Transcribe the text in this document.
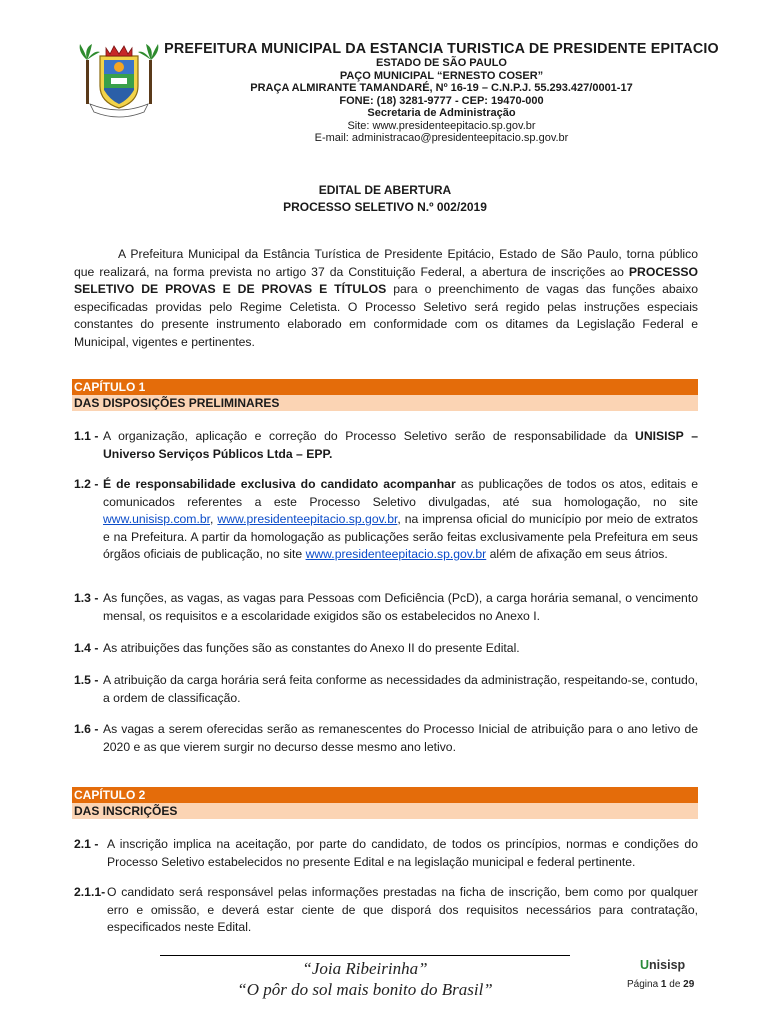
PREFEITURA MUNICIPAL DA ESTANCIA TURISTICA DE PRESIDENTE EPITACIO
ESTADO DE SÃO PAULO
PAÇO MUNICIPAL “ERNESTO COSER”
PRAÇA ALMIRANTE TAMANDARÉ, Nº 16-19 – C.N.P.J. 55.293.427/0001-17
FONE: (18) 3281-9777 - CEP: 19470-000
Secretaria de Administração
Site: www.presidenteepitacio.sp.gov.br
E-mail: administracao@presidenteepitacio.sp.gov.br
EDITAL DE ABERTURA
PROCESSO SELETIVO N.º 002/2019
A Prefeitura Municipal da Estância Turística de Presidente Epitácio, Estado de São Paulo, torna público que realizará, na forma prevista no artigo 37 da Constituição Federal, a abertura de inscrições ao PROCESSO SELETIVO DE PROVAS E DE PROVAS E TÍTULOS para o preenchimento de vagas das funções abaixo especificadas providas pelo Regime Celetista. O Processo Seletivo será regido pelas instruções especiais constantes do presente instrumento elaborado em conformidade com os ditames da Legislação Federal e Municipal, vigentes e pertinentes.
CAPÍTULO 1
DAS DISPOSIÇÕES PRELIMINARES
1.1 - A organização, aplicação e correção do Processo Seletivo serão de responsabilidade da UNISISP – Universo Serviços Públicos Ltda – EPP.
1.2 - É de responsabilidade exclusiva do candidato acompanhar as publicações de todos os atos, editais e comunicados referentes a este Processo Seletivo divulgadas, até sua homologação, no site www.unisisp.com.br, www.presidenteepitacio.sp.gov.br, na imprensa oficial do município por meio de extratos e na Prefeitura. A partir da homologação as publicações serão feitas exclusivamente pela Prefeitura em seus órgãos oficiais de publicação, no site www.presidenteepitacio.sp.gov.br além de afixação em seus átrios.
1.3 - As funções, as vagas, as vagas para Pessoas com Deficiência (PcD), a carga horária semanal, o vencimento mensal, os requisitos e a escolaridade exigidos são os estabelecidos no Anexo I.
1.4 - As atribuições das funções são as constantes do Anexo II do presente Edital.
1.5 - A atribuição da carga horária será feita conforme as necessidades da administração, respeitando-se, contudo, a ordem de classificação.
1.6 - As vagas a serem oferecidas serão as remanescentes do Processo Inicial de atribuição para o ano letivo de 2020 e as que vierem surgir no decurso desse mesmo ano letivo.
CAPÍTULO 2
DAS INSCRIÇÕES
2.1 - A inscrição implica na aceitação, por parte do candidato, de todos os princípios, normas e condições do Processo Seletivo estabelecidos no presente Edital e na legislação municipal e federal pertinente.
2.1.1- O candidato será responsável pelas informações prestadas na ficha de inscrição, bem como por qualquer erro e omissão, e deverá estar ciente de que disporá dos requisitos necessários para contratação, especificados neste Edital.
“Joia Ribeirinha”
“O pôr do sol mais bonito do Brasil”
Unisisp
Página 1 de 29
